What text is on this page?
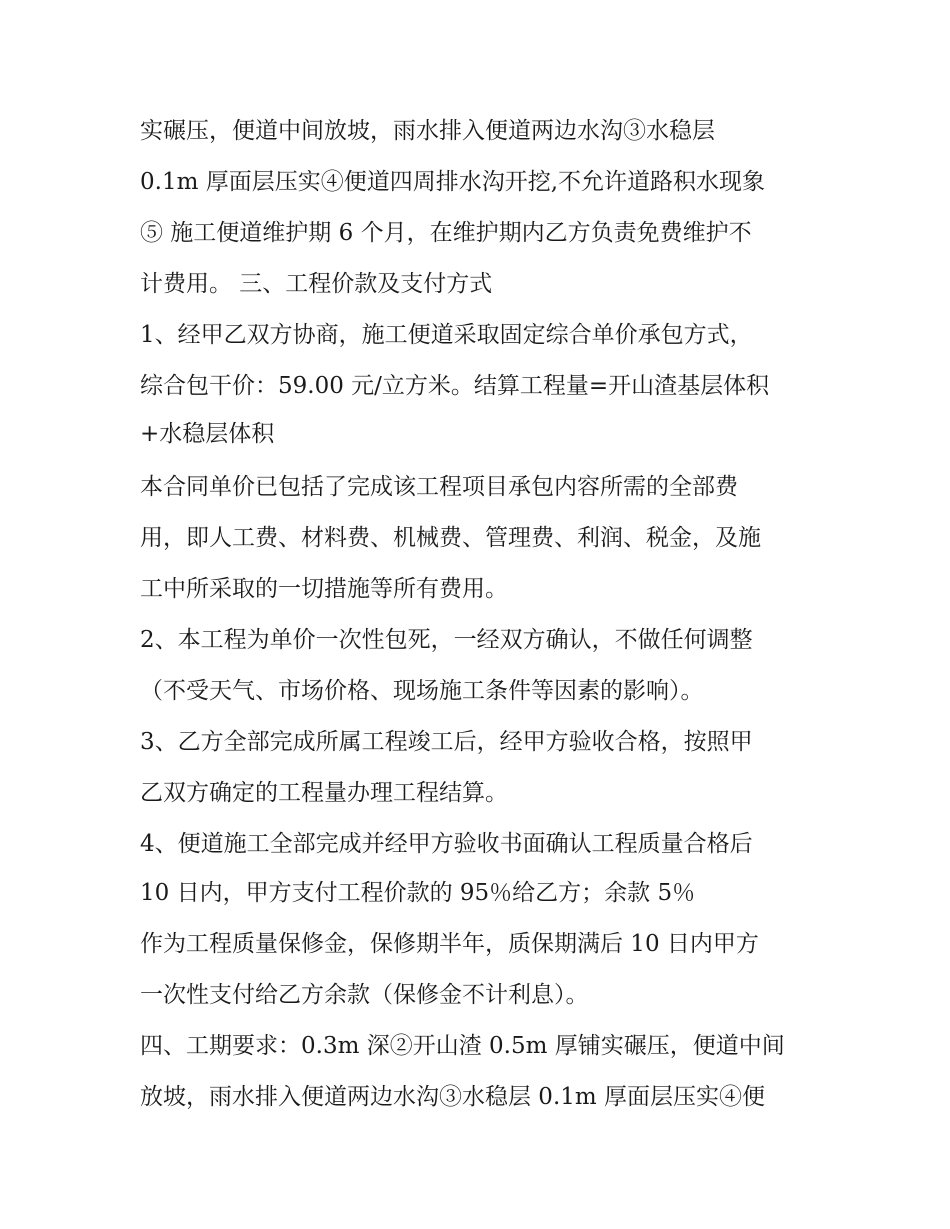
实碾压，便道中间放坡，雨水排入便道两边水沟③水稳层
0.1m 厚面层压实④便道四周排水沟开挖,不允许道路积水现象
⑤ 施工便道维护期 6 个月，在维护期内乙方负责免费维护不
计费用。 三、工程价款及支付方式
1、经甲乙双方协商，施工便道采取固定综合单价承包方式，
综合包干价：59.00 元/立方米。结算工程量=开山渣基层体积
+水稳层体积
本合同单价已包括了完成该工程项目承包内容所需的全部费
用，即人工费、材料费、机械费、管理费、利润、税金，及施
工中所采取的一切措施等所有费用。
2、本工程为单价一次性包死，一经双方确认，不做任何调整
（不受天气、市场价格、现场施工条件等因素的影响）。
3、乙方全部完成所属工程竣工后，经甲方验收合格，按照甲
乙双方确定的工程量办理工程结算。
4、便道施工全部完成并经甲方验收书面确认工程质量合格后
10 日内，甲方支付工程价款的 95％给乙方；余款 5％
作为工程质量保修金，保修期半年，质保期满后 10 日内甲方
一次性支付给乙方余款（保修金不计利息）。
四、工期要求：0.3m 深②开山渣 0.5m 厚铺实碾压，便道中间
放坡，雨水排入便道两边水沟③水稳层 0.1m 厚面层压实④便
